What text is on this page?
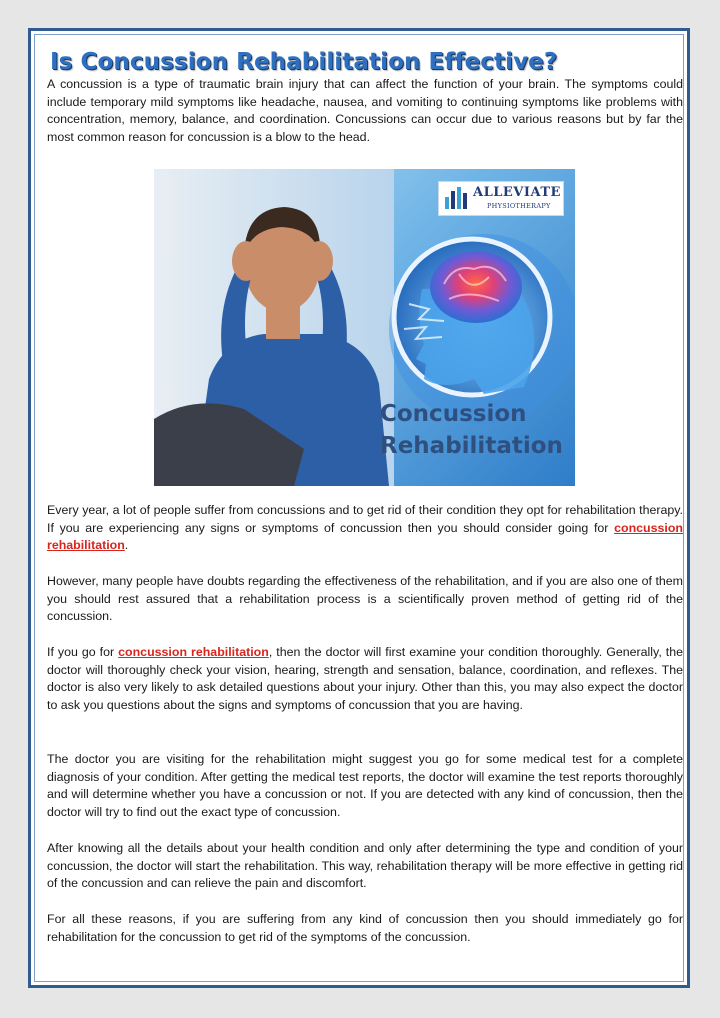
Is Concussion Rehabilitation Effective?

A concussion is a type of traumatic brain injury that can affect the function of your brain. The symptoms could include temporary mild symptoms like headache, nausea, and vomiting to continuing symptoms like problems with concentration, memory, balance, and coordination. Concussions can occur due to various reasons but by far the most common reason for concussion is a blow to the head.

ALLEVIATE
PHYSIOTHERAPY
Concussion
Rehabilitation

Every year, a lot of people suffer from concussions and to get rid of their condition they opt for rehabilitation therapy. If you are experiencing any signs or symptoms of concussion then you should consider going for concussion rehabilitation.

However, many people have doubts regarding the effectiveness of the rehabilitation, and if you are also one of them you should rest assured that a rehabilitation process is a scientifically proven method of getting rid of the concussion.

If you go for concussion rehabilitation, then the doctor will first examine your condition thoroughly. Generally, the doctor will thoroughly check your vision, hearing, strength and sensation, balance, coordination, and reflexes. The doctor is also very likely to ask detailed questions about your injury. Other than this, you may also expect the doctor to ask you questions about the signs and symptoms of concussion that you are having.

The doctor you are visiting for the rehabilitation might suggest you go for some medical test for a complete diagnosis of your condition. After getting the medical test reports, the doctor will examine the test reports thoroughly and will determine whether you have a concussion or not. If you are detected with any kind of concussion, then the doctor will try to find out the exact type of concussion.

After knowing all the details about your health condition and only after determining the type and condition of your concussion, the doctor will start the rehabilitation. This way, rehabilitation therapy will be more effective in getting rid of the concussion and can relieve the pain and discomfort.

For all these reasons, if you are suffering from any kind of concussion then you should immediately go for rehabilitation for the concussion to get rid of the symptoms of the concussion.
